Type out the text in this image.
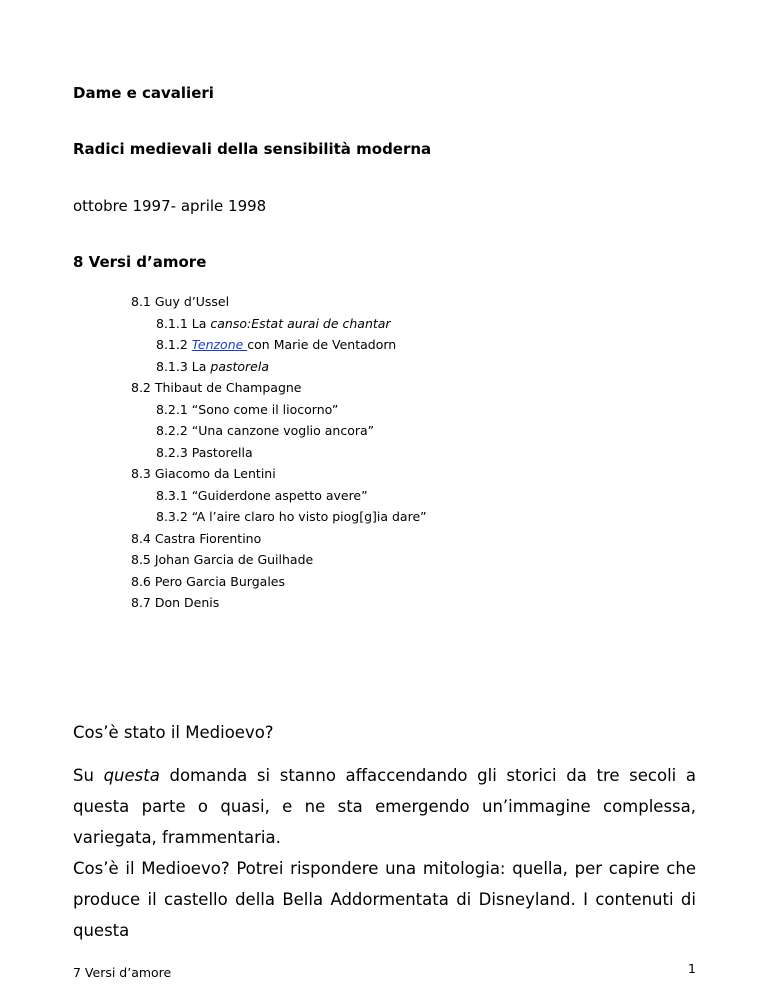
Dame e cavalieri
Radici medievali della sensibilità moderna
ottobre 1997- aprile 1998
8 Versi d’amore
8.1 Guy d’Ussel
8.1.1 La canso:Estat aurai de chantar
8.1.2 Tenzone con Marie de Ventadorn
8.1.3 La pastorela
8.2 Thibaut de Champagne
8.2.1 “Sono come il liocorno”
8.2.2 “Una canzone voglio ancora”
8.2.3 Pastorella
8.3 Giacomo da Lentini
8.3.1 “Guiderdone aspetto avere”
8.3.2 “A l’aire claro ho visto piog[g]ia dare”
8.4 Castra Fiorentino
8.5 Johan Garcia de Guilhade
8.6 Pero Garcia Burgales
8.7 Don Denis
Cos’è stato il Medioevo?

Su questa domanda si stanno affaccendando gli storici da tre secoli a questa parte o quasi, e ne sta emergendo un’immagine complessa, variegata, frammentaria.

Cos’è il Medioevo? Potrei rispondere una mitologia: quella, per capire che produce il castello della Bella Addormentata di Disneyland. I contenuti di questa

7 Versi d’amore	1
